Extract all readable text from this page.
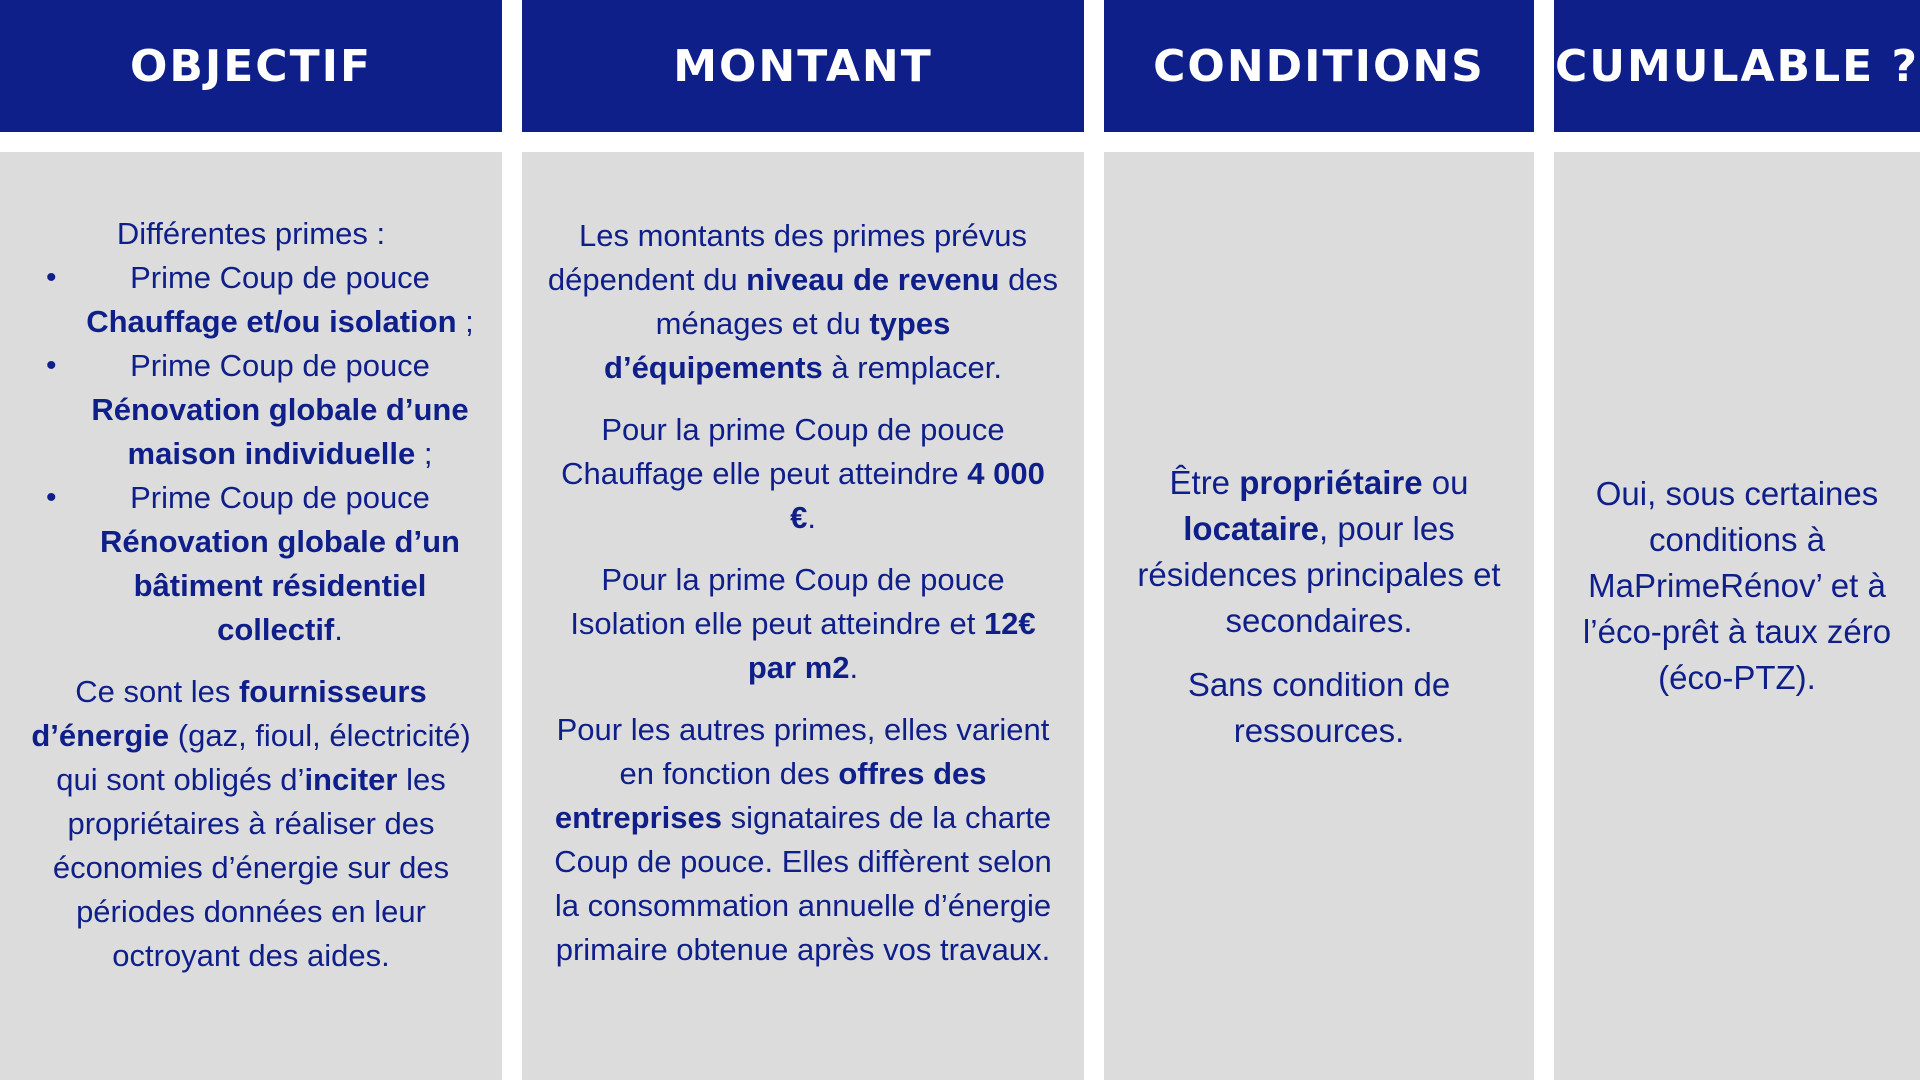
OBJECTIF

Différentes primes :

• Prime Coup de pouce Chauffage et/ou isolation ;
• Prime Coup de pouce Rénovation globale d’une maison individuelle ;
• Prime Coup de pouce Rénovation globale d’un bâtiment résidentiel collectif.

Ce sont les fournisseurs d’énergie (gaz, fioul, électricité) qui sont obligés d’inciter les propriétaires à réaliser des économies d’énergie sur des périodes données en leur octroyant des aides.

MONTANT

Les montants des primes prévus dépendent du niveau de revenu des ménages et du types d’équipements à remplacer.

Pour la prime Coup de pouce Chauffage elle peut atteindre 4 000 €.

Pour la prime Coup de pouce Isolation elle peut atteindre et 12€ par m2.

Pour les autres primes, elles varient en fonction des offres des entreprises signataires de la charte Coup de pouce. Elles diffèrent selon la consommation annuelle d’énergie primaire obtenue après vos travaux.

CONDITIONS

Être propriétaire ou locataire, pour les résidences principales et secondaires.

Sans condition de ressources.

CUMULABLE ?

Oui, sous certaines conditions à MaPrimeRénov’ et à l’éco-prêt à taux zéro (éco-PTZ).
